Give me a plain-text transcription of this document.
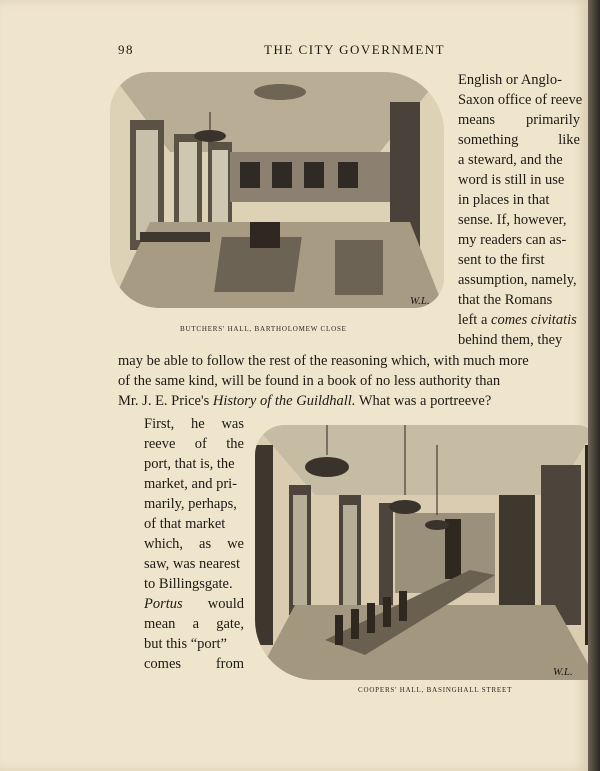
98	THE CITY GOVERNMENT
W.L.
BUTCHERS' HALL, BARTHOLOMEW CLOSE
English or Anglo-
Saxon office of reeve
means primarily
something	like
a steward, and the
word is still in use
in places in that
sense. If, however,
my readers can as-
sent to the first
assumption, namely,
that the Romans
left a comes civitatis
behind them, they
may be able to follow the rest of the reasoning which, with much more
of the same kind, will be found in a book of no less authority than
Mr. J. E. Price's History of the Guildhall. What was a portreeve?
W.L.
COOPERS' HALL, BASINGHALL STREET
First, he was
reeve of the
port, that is, the
market, and pri-
marily, perhaps,
of that market
which, as we
saw, was nearest
to Billingsgate.
Portus would
mean a gate,
but this “port”
comes from
